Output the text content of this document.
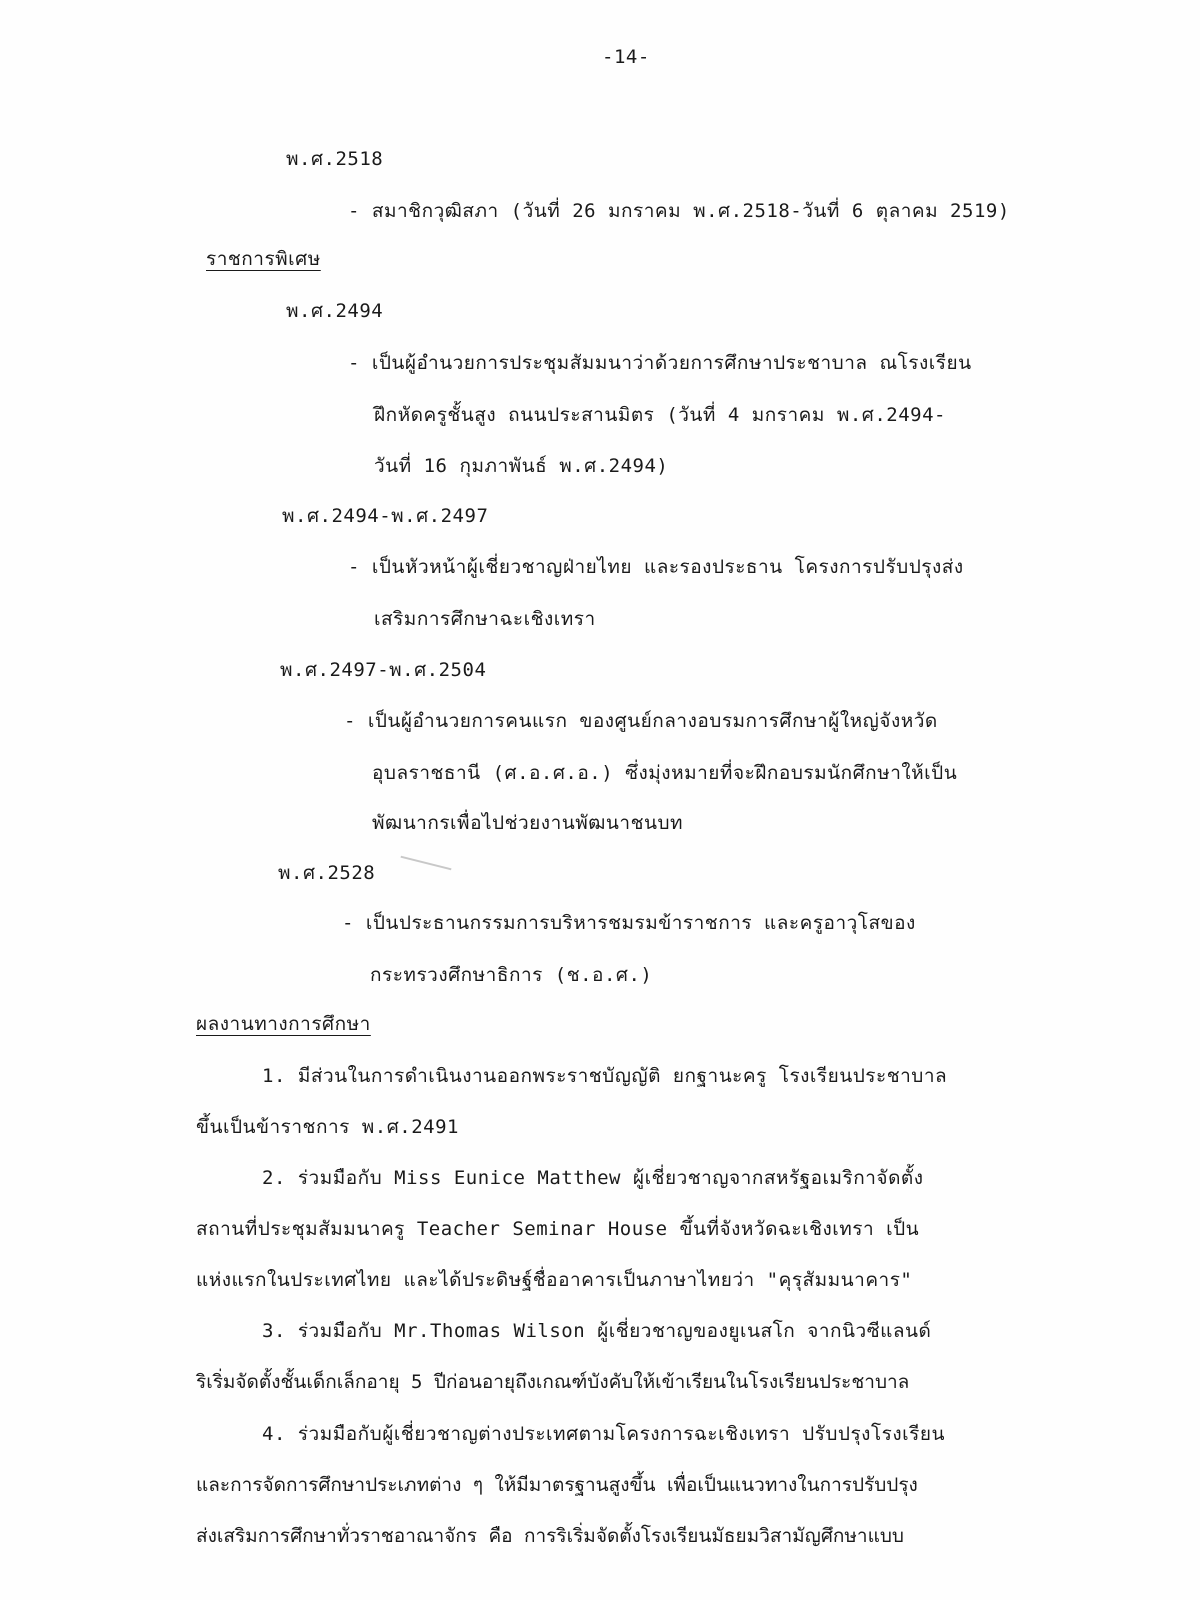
-14-
พ.ศ.2518
- สมาชิกวุฒิสภา (วันที่ 26 มกราคม พ.ศ.2518-วันที่ 6 ตุลาคม 2519)
ราชการพิเศษ
พ.ศ.2494
- เป็นผู้อำนวยการประชุมสัมมนาว่าด้วยการศึกษาประชาบาล ณโรงเรียน
ฝึกหัดครูชั้นสูง ถนนประสานมิตร (วันที่ 4 มกราคม พ.ศ.2494-
วันที่ 16 กุมภาพันธ์ พ.ศ.2494)
พ.ศ.2494-พ.ศ.2497
- เป็นหัวหน้าผู้เชี่ยวชาญฝ่ายไทย และรองประธาน โครงการปรับปรุงส่ง
เสริมการศึกษาฉะเชิงเทรา
พ.ศ.2497-พ.ศ.2504
- เป็นผู้อำนวยการคนแรก ของศูนย์กลางอบรมการศึกษาผู้ใหญ่จังหวัด
อุบลราชธานี (ศ.อ.ศ.อ.) ซึ่งมุ่งหมายที่จะฝึกอบรมนักศึกษาให้เป็น
พัฒนากรเพื่อไปช่วยงานพัฒนาชนบท
พ.ศ.2528
- เป็นประธานกรรมการบริหารชมรมข้าราชการ และครูอาวุโสของ
กระทรวงศึกษาธิการ (ช.อ.ศ.)
ผลงานทางการศึกษา
1. มีส่วนในการดำเนินงานออกพระราชบัญญัติ ยกฐานะครู โรงเรียนประชาบาล
ขึ้นเป็นข้าราชการ พ.ศ.2491
2. ร่วมมือกับ Miss Eunice Matthew ผู้เชี่ยวชาญจากสหรัฐอเมริกาจัดตั้ง
สถานที่ประชุมสัมมนาครู Teacher Seminar House ขึ้นที่จังหวัดฉะเชิงเทรา เป็น
แห่งแรกในประเทศไทย และได้ประดิษฐ์ชื่ออาคารเป็นภาษาไทยว่า "คุรุสัมมนาคาร"
3. ร่วมมือกับ Mr.Thomas Wilson ผู้เชี่ยวชาญของยูเนสโก จากนิวซีแลนด์
ริเริ่มจัดตั้งชั้นเด็กเล็กอายุ 5 ปีก่อนอายุถึงเกณฑ์บังคับให้เข้าเรียนในโรงเรียนประชาบาล
4. ร่วมมือกับผู้เชี่ยวชาญต่างประเทศตามโครงการฉะเชิงเทรา ปรับปรุงโรงเรียน
และการจัดการศึกษาประเภทต่าง ๆ ให้มีมาตรฐานสูงขึ้น เพื่อเป็นแนวทางในการปรับปรุง
ส่งเสริมการศึกษาทั่วราชอาณาจักร คือ การริเริ่มจัดตั้งโรงเรียนมัธยมวิสามัญศึกษาแบบ
